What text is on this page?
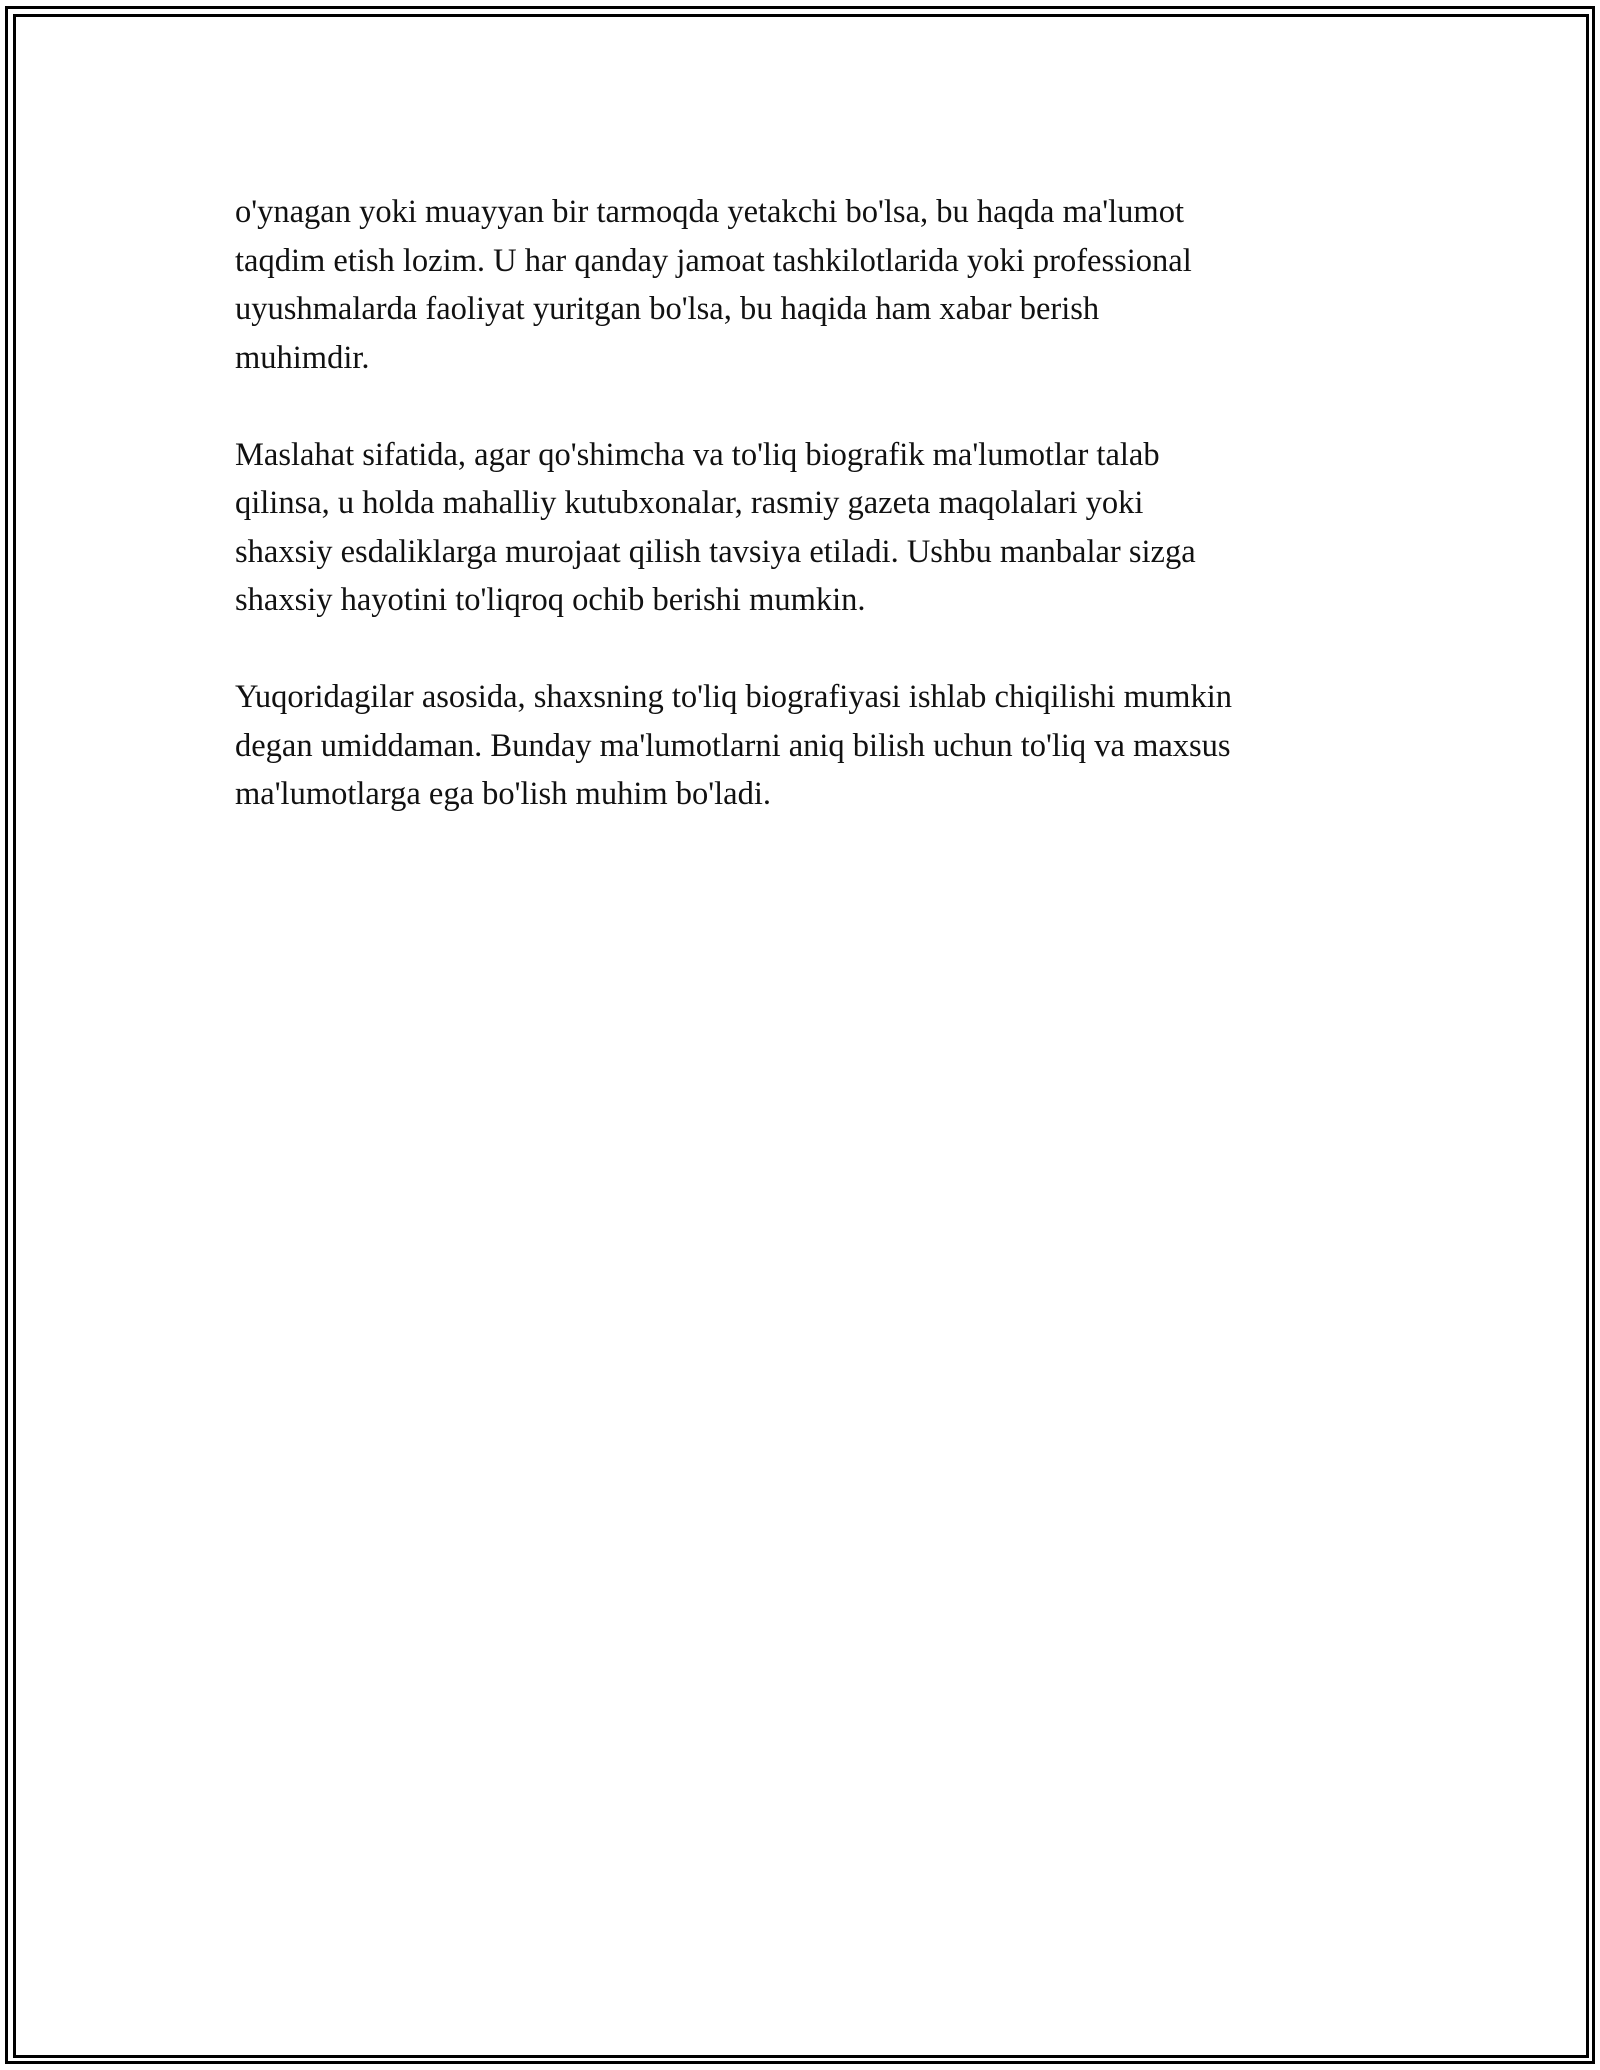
o'ynagan yoki muayyan bir tarmoqda yetakchi bo'lsa, bu haqda ma'lumot
taqdim etish lozim. U har qanday jamoat tashkilotlarida yoki professional
uyushmalarda faoliyat yuritgan bo'lsa, bu haqida ham xabar berish
muhimdir.

Maslahat sifatida, agar qo'shimcha va to'liq biografik ma'lumotlar talab
qilinsa, u holda mahalliy kutubxonalar, rasmiy gazeta maqolalari yoki
shaxsiy esdaliklarga murojaat qilish tavsiya etiladi. Ushbu manbalar sizga
shaxsiy hayotini to'liqroq ochib berishi mumkin.

Yuqoridagilar asosida, shaxsning to'liq biografiyasi ishlab chiqilishi mumkin
degan umiddaman. Bunday ma'lumotlarni aniq bilish uchun to'liq va maxsus
ma'lumotlarga ega bo'lish muhim bo'ladi.
